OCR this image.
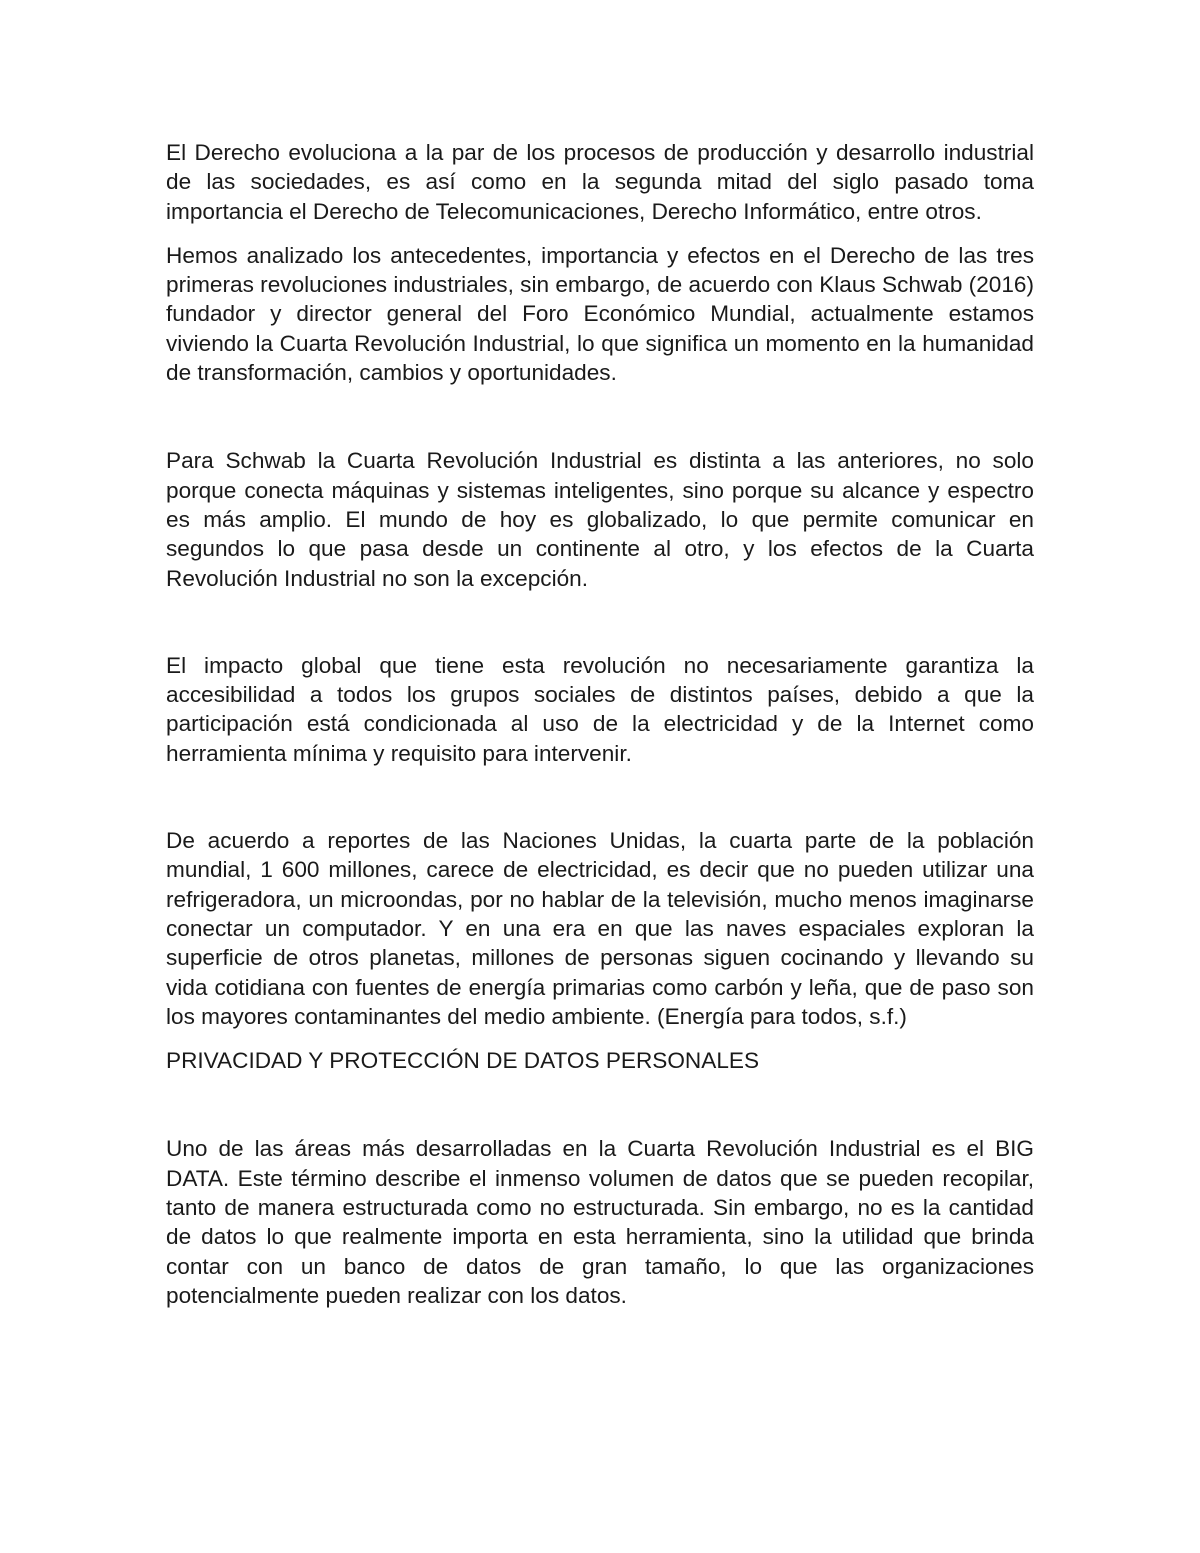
El Derecho evoluciona a la par de los procesos de producción y desarrollo industrial de las sociedades, es así como en la segunda mitad del siglo pasado toma importancia el Derecho de Telecomunicaciones, Derecho Informático, entre otros.

Hemos analizado los antecedentes, importancia y efectos en el Derecho de las tres primeras revoluciones industriales, sin embargo, de acuerdo con Klaus Schwab (2016) fundador y director general del Foro Económico Mundial, actualmente estamos viviendo la Cuarta Revolución Industrial, lo que significa un momento en la humanidad de transformación, cambios y oportunidades.

Para Schwab la Cuarta Revolución Industrial es distinta a las anteriores, no solo porque conecta máquinas y sistemas inteligentes, sino porque su alcance y espectro es más amplio. El mundo de hoy es globalizado, lo que permite comunicar en segundos lo que pasa desde un continente al otro, y los efectos de la Cuarta Revolución Industrial no son la excepción.

El impacto global que tiene esta revolución no necesariamente garantiza la accesibilidad a todos los grupos sociales de distintos países, debido a que la participación está condicionada al uso de la electricidad y de la Internet como herramienta mínima y requisito para intervenir.

De acuerdo a reportes de las Naciones Unidas, la cuarta parte de la población mundial, 1 600 millones, carece de electricidad, es decir que no pueden utilizar una refrigeradora, un microondas, por no hablar de la televisión, mucho menos imaginarse conectar un computador. Y en una era en que las naves espaciales exploran la superficie de otros planetas, millones de personas siguen cocinando y llevando su vida cotidiana con fuentes de energía primarias como carbón y leña, que de paso son los mayores contaminantes del medio ambiente. (Energía para todos, s.f.)

PRIVACIDAD Y PROTECCIÓN DE DATOS PERSONALES

Uno de las áreas más desarrolladas en la Cuarta Revolución Industrial es el BIG DATA. Este término describe el inmenso volumen de datos que se pueden recopilar, tanto de manera estructurada como no estructurada. Sin embargo, no es la cantidad de datos lo que realmente importa en esta herramienta, sino la utilidad que brinda contar con un banco de datos de gran tamaño, lo que las organizaciones potencialmente pueden realizar con los datos.
